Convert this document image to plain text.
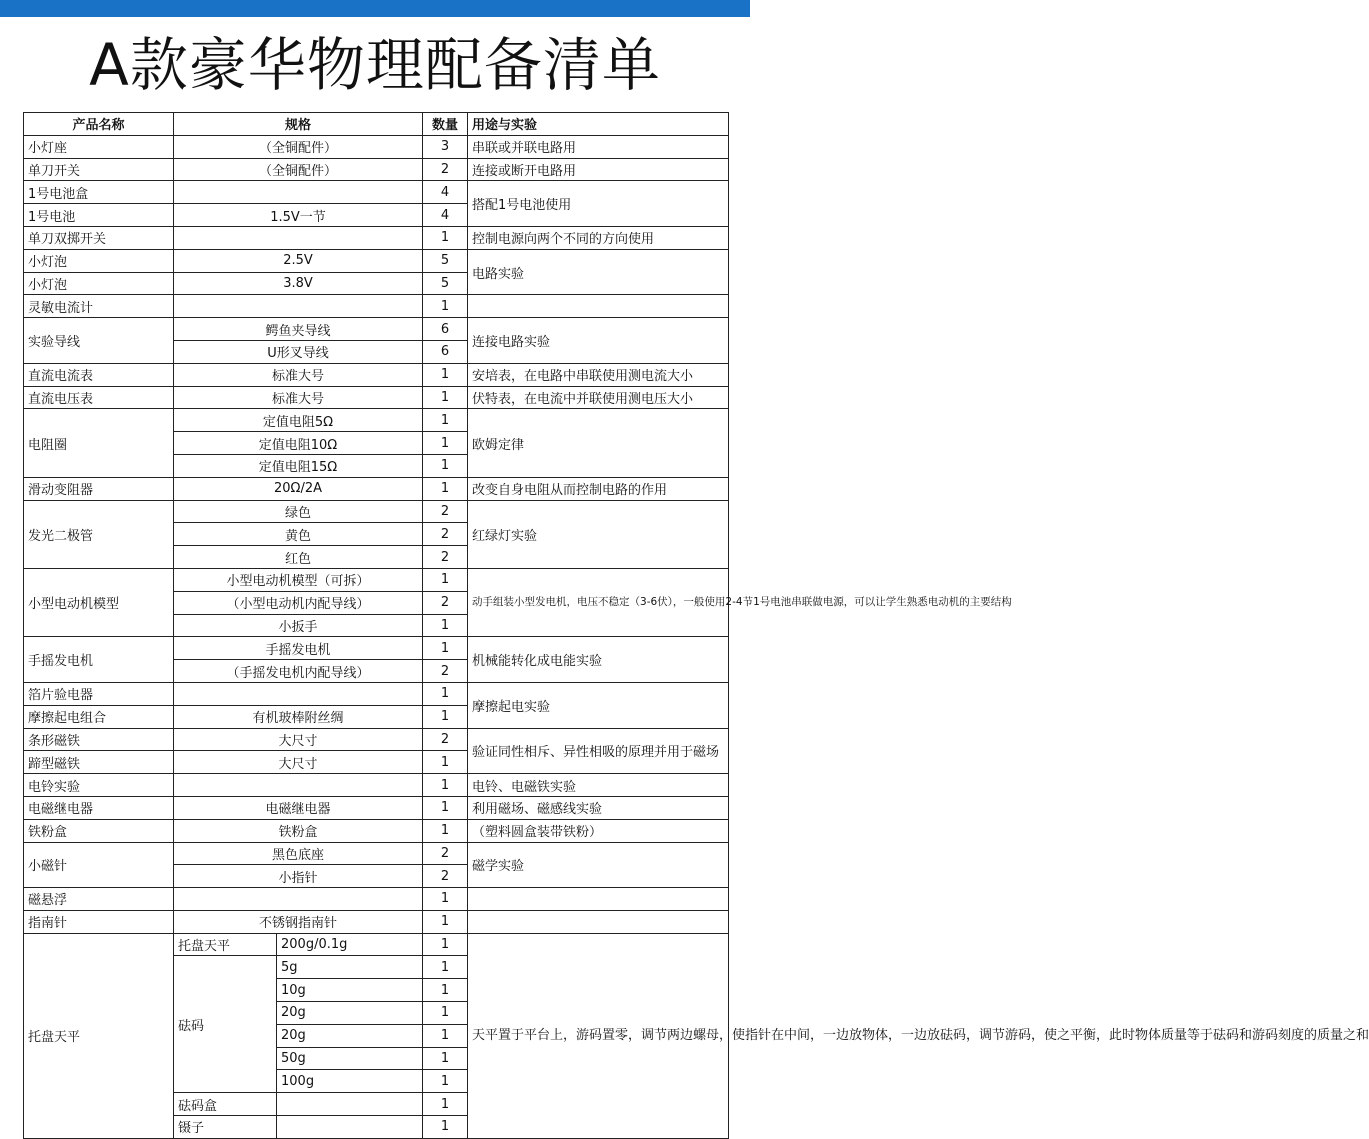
A款豪华物理配备清单
产品名称	规格		数量	用途与实验
小灯座	（全铜配件）		3	串联或并联电路用
单刀开关	（全铜配件）		2	连接或断开电路用
1号电池盒			4	搭配1号电池使用
1号电池	1.5V一节		4	
单刀双掷开关			1	控制电源向两个不同的方向使用
小灯泡	2.5V		5	电路实验
小灯泡	3.8V		5	
灵敏电流计			1	
实验导线	鳄鱼夹导线		6	连接电路实验
	U形叉导线		6	
直流电流表	标准大号		1	安培表，在电路中串联使用测电流大小
直流电压表	标准大号		1	伏特表，在电流中并联使用测电压大小
电阻圈	定值电阻5Ω		1	欧姆定律
	定值电阻10Ω		1	
	定值电阻15Ω		1	
滑动变阻器	20Ω/2A		1	改变自身电阻从而控制电路的作用
发光二极管	绿色		2	红绿灯实验
	黄色		2	
	红色		2	
小型电动机模型	小型电动机模型（可拆）		1	动手组装小型发电机，电压不稳定（3-6伏），一般使用2-4节1号电池串联做电源，可以让学生熟悉电动机的主要结构
	（小型电动机内配导线）		2	
	小扳手		1	
手摇发电机	手摇发电机		1	机械能转化成电能实验
	（手摇发电机内配导线）		2	
箔片验电器			1	摩擦起电实验
摩擦起电组合	有机玻棒附丝绸		1	
条形磁铁	大尺寸		2	验证同性相斥、异性相吸的原理并用于磁场
蹄型磁铁	大尺寸		1	
电铃实验			1	电铃、电磁铁实验
电磁继电器	电磁继电器		1	利用磁场、磁感线实验
铁粉盒	铁粉盒		1	（塑料圆盒装带铁粉）
小磁针	黑色底座		2	磁学实验
	小指针		2	
磁悬浮			1	
指南针	不锈钢指南针		1	
托盘天平	托盘天平	200g/0.1g	1	天平置于平台上，游码置零，调节两边螺母，使指针在中间，一边放物体，一边放砝码，调节游码，使之平衡，此时物体质量等于砝码和游码刻度的质量之和
	砝码	5g	1	
		10g	1	
		20g	1	
		20g	1	
		50g	1	
		100g	1	
	砝码盒		1	
	镊子		1	
